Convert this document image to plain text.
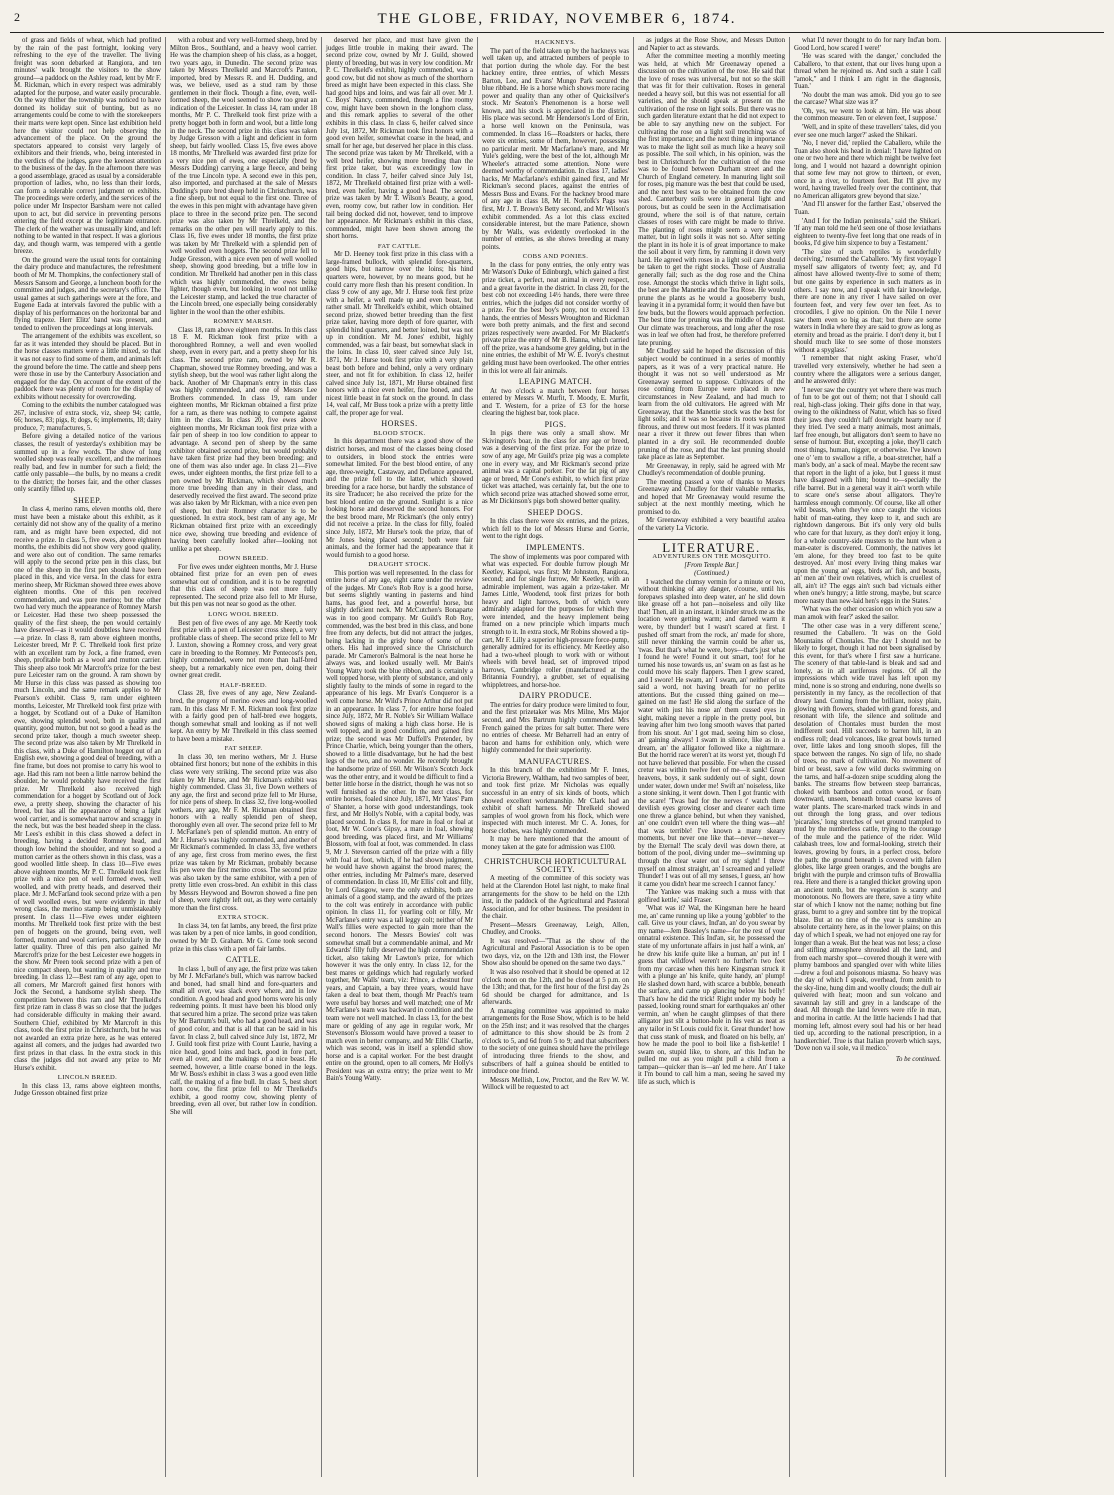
2	THE GLOBE, FRIDAY, NOVEMBER 6, 1874.

of grass and fields of wheat, which had profited by the rain of the past fortnight, looking very refreshing to the eye of the traveller. The living freight was soon debarked at Rangiora, and ten minutes' walk brought the visitors to the show ground—a paddock on the Ashley road, lent by Mr F. M. Rickman, which in every respect was admirably adapted for the purpose, and water easily procurable. On the way thither the township was noticed to have donned its holiday suit of bunting, but as no arrangements could be come to with the storekeepers their marts were kept open. Since last exhibition held here the visitor could not help observing the advancement of the place. On the ground the spectators appeared to consist very largely of exhibitors and their friends, who, being interested in the verdicts of the judges, gave the keenest attention to the business of the day. In the afternoon there was a good assemblage, graced as usual by a considerable proportion of ladies, who, no less than their lords, can form a tolerable correct judgment on exhibits. The proceedings were orderly, and the services of the police under Mr Inspector Barsham were not called upon to act, but did service in preventing persons entering the field except at the legitimate entrance. The clerk of the weather was unusually kind, and left nothing to be wanted in that respect. It was a glorious day, and though warm, was tempered with a gentle breeze.

On the ground were the usual tents for containing the dairy produce and manufactures, the refreshment booth of Mr M. Thompkins, the confectionery stall of Messrs Sansom and George, a luncheon booth for the committee and judges, and the secretary's office. The usual games at such gatherings were at the fore, and Eugene Eada at intervals favored the public with a display of his performances on the horizontal bar and flying trapeze. Herr Elitz' band was present, and tended to enliven the proceedings at long intervals.

The arrangement of the exhibits was excellent, so far as it was intended they should be placed. But in the horse classes matters were a little mixed, so that it was not easy to find some of them, and animals left the ground before the time. The cattle and sheep pens were those in use by the Canterbury Association and engaged for the day. On account of the extent of the paddock there was plenty of room for the display of exhibits without necessity for overcrowding.

Coming to the exhibits the number catalogued was 267, inclusive of extra stock, viz, sheep 94; cattle, 66; horses, 83; pigs, 8; dogs, 6; implements, 18; dairy produce, 7; manufactures, 5.

Before giving a detailed notice of the various classes, the result of yesterday's exhibition may be summed up in a few words. The show of long woolled sheep was really excellent, and the merinoes really bad, and few in number for such a field; the cattle only passable—the bulls, by no means a credit to the district; the horses fair, and the other classes only scantily filled up.

SHEEP.

In class 4, merino rams, eleven months old, there must have been a mistake about this exhibit, as it certainly did not show any of the quality of a merino ram, and as might have been expected, did not receive a prize. In class 5, five ewes, above eighteen months, the exhibits did not show very good quality, and were also out of condition. The same remarks will apply to the second prize pen in this class, but one of the sheep in the first pen should have been placed in this, and vice versa. In the class for extra merino sheep, Mr Rickman showed three ewes above eighteen months. One of this pen received commendation, and was pure merino; but the other two had very much the appearance of Romney Marsh or Leicester. Had these two sheep possessed the quality of the first sheep, the pen would certainly have deserved—as it would doubtless have received—a prize. In class 8, ram above eighteen months, Leicester breed, Mr P. C. Threlkeld took first prize with an excellent ram by Jock, a fine framed, even sheep, profitable both as a wool and mutton carrier. This sheep also took Mr Marcroft's prize for the best pure Leicester ram on the ground. A ram shown by Mr Hurse in this class was passed as showing too much Lincoln, and the same remark applies to Mr Pearson's exhibit. Class 9, ram under eighteen months, Leicester, Mr Threlkeld took first prize with a hogget, by Scotland out of a Duke of Hamilton ewe, showing splendid wool, both in quality and quantity, good mutton, but not so good a head as the second prize taker, though a much sweeter sheep. The second prize was also taken by Mr Threlkeld in this class, with a Duke of Hamilton hogget out of an English ewe, showing a good deal of breeding, with a fine frame, but does not promise to carry his wool to age. Had this ram not been a little narrow behind the shoulder, he would probably have received the first prize. Mr Threlkeld also received high commendation for a hogget by Scotland out of Jock ewe, a pretty sheep, showing the character of his breed, but has all the appearance of being a light wool carrier, and is somewhat narrow and scraggy in the neck, but was the best headed sheep in the class. Mr Lees's exhibit in this class showed a defect in breeding, having a decided Romney head, and though low behind the shoulder, and not so good a mutton carrier as the others shown in this class, was a good woolled little sheep. In class 10—Five ewes above eighteen months, Mr P. C. Threlkeld took first prize with a nice pen of well formed ewes, well woolled, and with pretty heads, and deserved their place. Mr J. McFarland took second prize with a pen of well woolled ewes, but were evidently in their wrong class, the merino stamp being unmistakeably present. In class 11—Five ewes under eighteen months. Mr Threlkeld took first prize with the best pen of hoggets on the ground, being even, well formed, mutton and wool carriers, particularly in the latter quality. Three of this pen also gained Mr Marcroft's prize for the best Leicester ewe hoggets in the show. Mr Preen took second prize with a pen of nice compact sheep, but wanting in quality and true breeding. In class 12—Best ram of any age, open to all comers, Mr Marcroft gained first honors with Jock the Second, a handsome stylish sheep. The competition between this ram and Mr Threlkeld's first prize ram in class 8 was so close that the judges had considerable difficulty in making their award. Southern Chief, exhibited by Mr Marcroft in this class, took the first prize in Christchurch, but he was not awarded an extra prize here, as he was entered against all comers, and the judges had awarded two first prizes in that class. In the extra stock in this class the judges did not award any prize to Mr Hurse's exhibit.

LINCOLN BREED.

In this class 13, rams above eighteen months, Judge Gresson obtained first prize

with a robust and very well-formed sheep, bred by Milton Bros., Southland, and a heavy wool carrier. He was the champion sheep of his class, as a hogget, two years ago, in Dunedin. The second prize was taken by Messrs Threlkeld and Marcroft's Panton, imported, bred by Messrs R. and H. Dudding, and was, we believe, used as a stud ram by those gentlemen in their flock. Though a fine, even, well-formed sheep, the wool seemed to show too great an indication of the Leicester. In class 14, ram under 18 months, Mr P. C. Threlkeld took first prize with a pretty hogget both in form and wool, but a little long in the neck. The second prize in this class was taken by Judge Gresson with a light and deficient in form sheep, but fairly woolled. Class 15, five ewes above 18 months, Mr Threlkeld was awarded first prize for a very nice pen of ewes, one especially (bred by Messrs Dudding) carrying a large fleece, and being of the true Lincoln type. A second ewe in this pen, also imported, and purchased at the sale of Messrs Dudding's pure bred sheep held in Christchurch, was a fine sheep, but not equal to the first one. Three of the ewes in this pen might with advantage have given place to three in the second prize pen. The second prize was also taken by Mr Threlkeld, and the remarks on the other pen will nearly apply to this. Class 16, five ewes under 18 months, the first prize was taken by Mr Threlkeld with a splendid pen of well woolled even hoggets. The second prize fell to Judge Gresson, with a nice even pen of well woolled sheep, showing good breeding, but a trifle low in condition. Mr Threlkeld had another pen in this class which was highly commended, the ewes being lighter, though even, but looking in wool not unlike the Leicester stamp, and lacked the true character of the Lincoln breed, one especially being considerably lighter in the wool than the other exhibits.

ROMNEY MARSH.

Class 18, ram above eighteen months. In this class 18 F. M. Rickman took first prize with a thoroughbred Romney, a well and even woolled sheep, even in every part, and a pretty sheep for his class. The second prize ram, owned by Mr R. Chapman, showed true Romney breeding, and was a stylish sheep, but the wool was rather light along the back. Another of Mr Chapman's entry in this class was highly commended, and one of Messrs Lee Brothers commended. In class 19, ram under eighteen months, Mr Rickman obtained a first prize for a ram, as there was nothing to compete against him in the class. In class 20, five ewes above eighteen months, Mr Rickman took first prize with a fair pen of sheep in too low condition to appear to advantage. A second pen of sheep by the same exhibitor obtained second prize, but would probably have taken first prize had they been breeding; and one of them was also under age. In class 21—Five ewes, under eighteen months, the first prize fell to a pen owned by Mr Rickman, which showed much more true breeding than any in their class, and deservedly received the first award. The second prize was also taken by Mr Rickman, with a nice even pen of sheep, but their Romney character is to be questioned. In extra stock, best ram of any age, Mr Rickman obtained first prize with an exceedingly nice ewe, showing true breeding and evidence of having been carefully looked after—looking not unlike a pet sheep.

DOWN BREED.

For five ewes under eighteen months, Mr J. Hurse obtained first prize for an even pen of ewes somewhat out of condition, and it is to be regretted that this class of sheep was not more fully represented. The second prize also fell to Mr Hurse, but this pen was not near so good as the other.

LONG WOOL BREED.

Best pen of five ewes of any age. Mr Keetly took first prize with a pen of Leicester cross sheep, a very profitable class of sheep. The second prize fell to Mr J. Luxton, showing a Romney cross, and very great care in breeding to the Romney. Mr Pentecost's pen, highly commended, were not more than half-bred sheep, but a remarkably nice even pen, doing their owner great credit.

HALF-BREED.

Class 28, five ewes of any age, New Zealand-bred, the progeny of merino ewes and long-woolled ram. In this class Mr F. M. Rickman took first prize with a fairly good pen of half-bred ewe hoggets, though somewhat small and looking as if not well kept. An entry by Mr Threlkeld in this class seemed to have been a mistake.

FAT SHEEP.

In class 30, ten merino wethers, Mr J. Hurse obtained first honors; but none of the exhibits in this class were very striking. The second prize was also taken by Mr Hurse, and Mr Rickman's exhibit was highly commended. Class 31, five Down wethers of any age, the first and second prize fell to Mr Hurse, for nice pens of sheep. In class 32, five long-woolled wethers, any age, Mr F. M. Rickman obtained first honors with a really splendid pen of sheep, thoroughly even all over. The second prize fell to Mr J. McFarlane's pen of splendid mutton. An entry of Mr J. Hurse's was highly commended, and another of Mr Rickman's commended. In class 33, five wethers of any age, first cross from merino ewes, the first prize was taken by Mr Rickman, probably because his pen were the first merino cross. The second prize was also taken by the same exhibitor, with a pen of pretty little even cross-bred. An exhibit in this class by Messrs Heywood and Bowron showed a fine pen of sheep, were rightly left out, as they were certainly more than the first cross.

EXTRA STOCK.

In class 34, ten fat lambs, any breed, the first prize was taken by a pen of nice lambs, in good condition, owned by Mr D. Graham. Mr G. Cone took second prize in this class with a pen of fair lambs.

CATTLE.

In class 1, bull of any age, the first prize was taken by Mr J. McFarlane's bull, which was narrow backed and boned, had small hind and fore-quarters and small all over, was slack every where, and in low condition. A good head and good horns were his only redeeming points. It must have been his blood only that secured him a prize. The second prize was taken by Mr Bartrum's bull, who had a good head, and was of good color, and that is all that can be said in his favor. In class 2, bull calved since July 1st, 1872, Mr J. Guild took first prize with Count Laurie, having a nice head, good loins and back, good in fore part, even all over, and the makings of a nice beast. He seemed, however, a little coarse boned in the legs. Mr W. Boss's exhibit in class 3 was a good even little calf, the making of a fine bull. In class 5, best short horn cow, the first prize fell to Mr Threlkeld's exhibit, a good roomy cow, showing plenty of breeding, even all over, but rather low in condition. She will

deserved her place, and must have given the judges little trouble in making their award. The second prize cow, owned by Mr J. Guild, showed plenty of breeding, but was in very low condition. Mr P. C. Threlkeld's exhibit, highly commended, was a good cow, but did not show as much of the shorthorn breed as might have been expected in this class. She had good hips and loins, and was fair all over. Mr J. C. Boys' Nancy, commended, though a fine roomy cow, might have been shown in the longhorn class, and this remark applies to several of the other exhibits in this class. In class 6, heifer calved since July 1st, 1872, Mr Rickman took first honors with a good even heifer, somewhat coarse in the head, and small for her age, but deserved her place in this class. The second prize was taken by Mr Threlkeld, with a well bred heifer, showing more breeding than the first prize taker, but was exceedingly low in condition. In class 7, heifer calved since July 1st, 1872, Mr Threlkeld obtained first prize with a well-bred, even heifer, having a good head. The second prize was taken by Mr T. Wilson's Beauty, a good, even, roomy cow, but rather low in condition. Her tail being docked did not, however, tend to improve her appearance. Mr Rickman's exhibit in this class, commended, might have been shown among the short horns.

FAT CATTLE.

Mr D. Heeney took first prize in this class with a large-framed bullock, with splendid fore-quarters, good hips, but narrow over the loins; his hind quarters were, however, by no means good, but he could carry more flesh than his present condition. In class 9 cow of any age, Mr J. Hurse took first prize with a heifer, a well made up and even beast, but rather small. Mr Threlkeld's exhibit, which obtained second prize, showed better breeding than the first prize taker, having more depth of fore quarter, with splendid hind quarters, and better loined, but was not up in condition. Mr M. Jones' exhibit, highly commended, was a fair beast, but somewhat slack in the loins. In class 10, steer calved since July 1st, 1871, Mr J. Hurse took first prize with a very plain beast both before and behind, only a very ordinary steer, and not fit for exhibition. In class 12, heifer calved since July 1st, 1871, Mr Hurse obtained first honors with a nice even heifer, fine boned, and the nicest little beast in fat stock on the ground. In class 14, veal calf, Mr Buss took a prize with a pretty little calf, the proper age for veal.

HORSES.
BLOOD STOCK.

In this department there was a good show of the district horses, and most of the classes being closed to outsiders, in blood stock the entries were somewhat limited. For the best blood entire, of any age, three-weight, Castaway, and Defiance appeared, and the prize fell to the latter, which showed breeding for a race horse, but hardly the substance of its sire Traducer; he also received the prize for the best blood entire on the ground. Sunlight is a nice looking horse and deserved the second honors. For the best brood mare, Mr Rickman's (the only entry) did not receive a prize. In the class for filly, foaled since July, 1872, Mr Hurse's took the prize, that of Mr Jones being placed second; both were fair animals, and the former had the appearance that it would furnish to a good horse.

DRAUGHT STOCK.

This portion was well represented. In the class for entire horse of any age, eight came under the review of the judges. Mr Cone's Rob Roy is a good horse, but seems slightly wanting in pasterns and hind hams, has good feet, and a powerful horse, but slightly deficient neck. Mr McCutchen's Bonaparte was in too good company. Mr Guild's Rob Roy, commended, was the best bred in this class, and bone free from any defects, but did not attract the judges, being lacking in the grisly bone of some of the others. His had improved since the Christchurch parade. Mr Cameron's Balmoral is the neat horse he always was, and looked usually well. Mr Bain's Young Watty took the blue ribbon, and is certainly a well topped horse, with plenty of substance, and only slightly faulty to the minds of some in regard to the appearance of his legs. Mr Evan's Conqueror is a well come horse. Mr Wild's Prince Arthur did not put in an appearance. In class 7, for entire horse foaled since July, 1872, Mr R. Noble's Sir William Wallace showed signs of making a high class horse. He is well topped, and in good condition, and gained first prize; the second was Mr Duffell's Pretender, by Prince Charlie, which, being younger than the others, showed to a little disadvantage, but he had the best legs of the two, and no wonder. He recently brought the handsome prize of £60. Mr Wilson's Scotch Jock was the other entry, and it would be difficult to find a better little horse in the district, though he was not so well furnished as the other. In the next class, for entire horses, foaled since July, 1871, Mr Yates' Pam o' Shanter, a horse with good understandings, took first, and Mr Holly's Noble, with a capital body, was placed second. In class 8, for mare in foal or foal at foot, Mr W. Cone's Gipsy, a mare in foal, showing good breeding, was placed first, and Mr Williams' Blossom, with foal at foot, was commended. In class 9, Mr J. Stevenson carried off the prize with a filly with foal at foot, which, if he had shown judgment, he would have shown against the brood mares; the other entries, including Mr Palmer's mare, deserved of commendation. In class 10, Mr Ellis' colt and filly, by Lord Glasgow, were the only exhibits, both are animals of a good stamp, and the award of the prizes to the colt was entirely in accordance with public opinion. In class 11, for yearling colt or filly, Mr McFarlane's entry was a tall leggy colt; neither of Mr Wall's fillies were expected to gain more than the second honors. The Messrs Bowies' colt was somewhat small but a commendable animal, and Mr Edwards' filly fully deserved the high commendation ticket, also taking Mr Lawton's prize, for which however it was the only entry. In class 12, for the best mares or geldings which had regularly worked together, Mr Walls' team, viz: Prince, a chestnut four years, and Captain, a bay three years, would have taken a deal to beat them, though Mr Peach's team were useful bay horses and well matched; one of Mr McFarlane's team was backward in condition and the team were not well matched. In class 13, for the best mare or gelding of any age in regular work, Mr Stevenson's Blossom would have proved a teaser to match even in better company, and Mr Ellis' Charlie, which was second, was in itself a splendid show horse and is a capital worker. For the best draught entire on the ground, open to all comers, Mr Holly's President was an extra entry; the prize went to Mr Bain's Young Watty.

HACKNEYS.

The part of the field taken up by the hackneys was well taken up, and attracted numbers of people to that portion during the whole day. For the best hackney entire, three entries, of which Messrs Barton, Lee, and Evans' Mungo Park secured the blue ribband. He is a horse which shows more racing power and quality than any other of Quicksilver's stock. Mr Seaton's Phenomenon is a horse well known, and his stock is appreciated in the district. His place was second. Mr Henderson's Lord of Erin, a horse well known on the Peninsula, was commended. In class 16—Roadsters or hacks, there were six entries, some of them, however, possessing no particular merit. Mr Macfarlane's mare, and Mr Yule's gelding, were the best of the lot, although Mr Wheeler's attracted some attention. None were deemed worthy of commendation. In class 17, ladies' hacks, Mr Macfarlane's exhibit gained first, and Mr Rickman's second places, against the entries of Messrs Buss and Evans. For the hackney brood mare of any age in class 18, Mr H. Norfolk's Pags was first, Mr J. T. Brown's Betty second, and Mr Wilson's exhibit commended. As a lot this class excited considerable interest, but the mare Patience, shown by Mr Walls, was evidently overlooked in the number of entries, as she shows breeding at many points.

COBS AND PONIES.

In the class for pony entries, the only entry was Mr Watson's Duke of Edinburgh, which gained a first prize ticket, a perfect, neat animal in every respect, and a great favorite in the district. In class 20, for the best cob not exceeding 14½ hands, there were three entries, which the judges did not consider worthy of a prize. For the best boy's pony, not to exceed 13 hands, the entries of Messrs Wroughton and Rickman were both pretty animals, and the first and second prizes respectively were awarded. For Mr Blackett's private prize the entry of Mr B. Hanna, which carried off the prize, was a handsome grey gelding, but in the nine entries, the exhibit of Mr W. E. Ivory's chestnut gelding must have been overlooked. The other entries in this lot were all fair animals.

LEAPING MATCH.

At two o'clock a match between four horses entered by Messrs W. Murfit, T. Moody, E. Murfit, and T. Western, for a prize of £3 for the horse clearing the highest bar, took place.

PIGS.

In pigs there was only a small show. Mr Skivington's boar, in the class for any age or breed, was a deserving of the first prize. For the prize to sow of any age, Mr Guild's prize pig was a complete one in every way, and Mr Rickman's second prize animal was a capital porker. For the fat pig of any age or breed, Mr Cone's exhibit, to which first prize ticket was attached, was certainly fat, but the one to which second prize was attached showed some error, as Mr Dickinson's pigs both showed better quality.

SHEEP DOGS.

In this class there were six entries, and the prizes, which fell to the lot of Messrs Hurse and Gorrie, went to the right dogs.

IMPLEMENTS.

The show of implements was poor compared with what was expected. For double furrow plough Mr Keetley, Kaiapoi, was first; Mr Johnston, Rangiora, second; and for single furrow, Mr Keetley, with an admirable implement, was again a prize-taker. Mr James Little, Woodend, took first prizes for both heavy and light harrows, both of which were admirably adapted for the purposes for which they were intended, and the heavy implement being framed on a new principle which imparts much strength to it. In extra stock, Mr Robins showed a tip-cart, Mr F. Lilly a superior high-pressure force-pump, generally admired for its efficiency. Mr Keetley also had a two-wheel plough to work with or without wheels with bevel head, set of improved tripod harrows, Cambridge roller (manufactured at the Britannia Foundry), a grubber, set of equalising whippletrees, and horse-hoe.

DAIRY PRODUCE.

The entries for dairy produce were limited to four, and the first prizetaker was Mrs Milne, Mrs Major second, and Mrs Bartrum highly commended. Mrs French gained the prizes for salt butter. There were no entries of cheese. Mr Beharrell had an entry of bacon and hams for exhibition only, which were highly commended for their superiority.

MANUFACTURES.

In this branch of the exhibition Mr F. Innes, Victoria Brewery, Waltham, had two samples of beer, and took first prize. Mr Nicholas was equally successful in an entry of six kinds of boots, which showed excellent workmanship. Mr Clark had an exhibit of shaft harness. Mr Threlkeld showed samples of wool grown from his flock, which were inspected with much interest. Mr C. A. Jones, for horse clothes, was highly commended.

It may be here mentioned that the amount of money taken at the gate for admission was £100.

CHRISTCHURCH HORTICULTURAL SOCIETY.

A meeting of the committee of this society was held at the Clarendon Hotel last night, to make final arrangements for the show to be held on the 12th inst, in the paddock of the Agricultural and Pastoral Association, and for other business. The president in the chair.

Present—Messrs Greenaway, Leigh, Allen, Chudley, and Crooks.

It was resolved—"That as the show of the Agricultural and Pastoral Association is to be open two days, viz, on the 12th and 13th inst, the Flower Show also should be opened on the same two days."

It was also resolved that it should be opened at 12 o'clock noon on the 12th, and be closed at 5 p.m. on the 13th; and that, for the first hour of the first day 2s 6d should be charged for admittance, and 1s afterwards.

A managing committee was appointed to make arrangements for the Rose Show, which is to be held on the 25th inst; and it was resolved that the charges of admittance to this show should be 2s from 2 o'clock to 5, and 6d from 5 to 9; and that subscribers to the society of one guinea should have the privilege of introducing three friends to the show, and subscribers of half a guinea should be entitled to introduce one friend.

Messrs Mellish, Low, Proctor, and the Rev W. W. Willock will be requested to act

as judges at the Rose Show, and Messrs Dutton and Napier to act as stewards.

After the committee meeting a monthly meeting was held, at which Mr Greenaway opened a discussion on the cultivation of the rose. He said that the love of roses was universal, but not so the skill that was fit for their cultivation. Roses in general needed a heavy soil, but this was not essential for all varieties, and he should speak at present on the cultivation of the rose on light soils. But there was no such garden literature extant that he did not expect to be able to say anything new on the subject. For cultivating the rose on a light soil trenching was of the first importance; and the next thing in importance was to make the light soil as much like a heavy soil as possible. The soil which, in his opinion, was the best in Christchurch for the cultivation of the rose was to be found between Durham street and the Church of England cemetery. In manuring light soil for roses, pig manure was the best that could be used, and the next best was to be obtained from the cow shed. Canterbury soils were in general light and porous, but as could be seen in the Acclimatisation ground, where the soil is of that nature, certain classes of roses with care might be made to thrive. The planting of roses might seem a very simple matter, but in light soils it was not so. After setting the plant in its hole it is of great importance to make the soil about it very firm, by ramming it down very hard. He agreed with roses in a light soil care should be taken to get the right stocks. Those of Australia generally fail; such as the dog rose and the China rose. Amongst the stocks which thrive in light soils, the best are the Manettie and the Tea Rose. He would prune the plants as he would a gooseberry bush, leaving it in a pyramidal form; it would then have but few buds, but the flowers would approach perfection. The best time for pruning was the middle of August. Our climate was treacherous, and long after the rose was in leaf we often had frost, he therefore preferred late pruning.

Mr Chudley said he hoped the discussion of this subject would be continued in a series of monthly papers, as it was of a very practical nature. He thought it was not so well understood as Mr Greenaway seemed to suppose. Cultivators of the rose coming from Europe were placed in new circumstances in New Zealand, and had much to learn from the old cultivators. He agreed with Mr Greenaway, that the Manettie stock was the best for light soils; and it was so because its roots was most fibrous, and threw out most feeders. If it was planted near a river it threw out fewer fibres than when planted in a dry soil. He recommended double pruning of the rose, and that the last pruning should take place as late as September.

Mr Greenaway, in reply, said he agreed with Mr Chudley's recommendation of double pruning.

The meeting passed a vote of thanks to Messrs Greenaway and Chudley for their valuable remarks, and hoped that Mr Greenaway would resume the subject at the next monthly meeting, which he promised to do.

Mr Greenaway exhibited a very beautiful azalea of the variety La Victorie.

LITERATURE.
ADVENTURES ON THE MOSQUITO.
[From Temple Bar.]
(Continued.)

I watched the clumsy vermin for a minute or two, without thinking of any danger, o'course, until his forepaws splashed into deep water, an' he slid down like grease off a hot pan—noiseless and oily like that! Then, all in an instant, it kinder struck me as the location were getting warm; and darned warm it were, by thunder! but I wasn't scared at first. I pushed off smart from the rock, an' made for shore, still never thinking the varmin could be after us, 'twas. But that's what he were, boys—that's just what I found he were! Found it out smart, too! for he turned his nose towards us, an' swam on as fast as he could move his scaly flappers. Then I grew scared, and I swore! He swam, an' I swam, an' neither of us said a word, not having breath for no perlite attentions. But the cussed thing gained on me—gained on me fast! He slid along the surface of the water with just his nose an' them cussed eyes in sight, making never a ripple in the pretty pool, but leaving after him two long smooth waves that parted from his snout. An' I got mad, seeing him so close, an' gaining always! I swam in silence, like as in a dream, an' the alligator followed like a nightmare. But the horrid race weren't at its worst yet, though I'd not have believed that possible. For when the cussed cretur was within twelve feet of me—it sank! Great heavens, boys, it sank suddenly out of sight, down under water, down under me! Swift an' noiseless, like a stone sinking, it went down. Then I got frantic with the scare! 'Twas bad for the nerves t' watch them devilish eyes growing closer and clearer each time one threw a glance behind, but when they vanished, an' one couldn't even tell where the thing was—ah! that was terrible! I've known a many skeary moments, but never one like that—never—never—by the Eternal! The scaly devil was down there, at bottom of the pool, diving under me—swimming up through the clear water out of my sight! I threw myself on almost straight, an' I screamed and yelled! Thunder! I was out of all my senses, I guess, an' how it came you didn't hear me screech I cannot fancy.'

'The Yankee was making such a muss with that golfired kettle,' said Fraser.

'What was it? Wal, the Kingsman here he heard me, an' came running up like a young 'gobbler' to the call. Give us your claws, Ind'an, an' do you swear by my name—Jem Beasley's name—for the rest of your onnatral existence. This Ind'an, sir, he possessed the state of my unfortunate affairs in just half a wink, an' he drew his knife quite like a human, an' put in! I guess that wildfowl weren't no further'n two feet from my carcase when this here Kingsman struck it with a plunge an' his knife, quite handy, an' plump! He slashed down hard, with scarce a bubble, beneath the surface, and came up glancing below his belly! That's how he did the trick! Right under my body he passed, looking round smart for earthquakes an' other vermin, an' when he caught glimpses of that there alligator just slit a button-hole in his vest as neat as any tailor in St Louis could fix it. Great thunder! how that cuss stank of musk, and floated on his belly, an' how he made the pool to boil like a fish-kettle! I swam on, stupid like, to shore, an' this Ind'an he pulled me out as you might pull a child from a tampan—quicker than is—an' led me here. An' I take it I'm bound to call him a man, seeing he saved my life as such, which is

what I'd never thought to do for nary Ind'an born. Good Lord, how scared I were!'

'He was scared with the danger,' concluded the Caballero, 'to that extent, that our lives hung upon a thread when he rejoined us. And such a state I call "amok," and I think I am right in the diagnosis, Tuan.'

'No doubt the man was amok. Did you go to see the carcase? What size was it?'

'Oh, yes, we went to look at him. He was about the common measure. Ten or eleven feet, I suppose.'

'Well, and in spite of these travellers' tales, did you ever see one much larger?' asked the Shikari.

'No, I never did,' replied the Caballero, while the Tuan also shook his head in denial: 'I have lighted on one or two here and there which might be twelve feet long, and I would not hazard a downright opinion that some few may not grow to thirteen, or even, once in a river, to fourteen feet. But I'll give my word, having travelled freely over the continent, that no American alligators grew beyond that size.'

'And I'll answer for the farther East,' observed the Tuan.

'And I for the Indian peninsula,' said the Shikari. 'If any man told me he'd seen one of those leviathans eighteen to twenty-five feet long that one reads of in books, I'd give him sixpence to buy a Testament.'

'The size of such reptiles is wonderfully deceiving,' resumed the Caballero. 'My first voyage I myself saw alligators of twenty feet; ay, and I'd almost have allowed twenty-five to some of them; but one gains by experience in such matters as in others. I say now, and I speak with fair knowledge, there are none in any river I have sailed on over fourteen feet, and very few over ten feet. As to crocodiles, I give no opinion. On the Nile I never saw them even so big as that; but there are some waters in India where they are said to grow as long as eternity and broad as the prairie. I don't deny it, but I should much like to see some of those monsters without a spyglass.'

'I remember that night asking Fraser, who'd travelled very extensively, whether he had seen a country where the alligators were a serious danger, and he answered drily:

'I never saw the country yet where there was much of fun to be got out of them; not that I should call real, high-class joking. Their gifts done in that way, owing to the oikindness of Natur, which has so fixed their jaws they couldn't laff downright hearty nor if they tried. I've seed a many animals, most animals, larf free enough, but alligators don't seem to have no sense of humour. But, excepting a joke, they'll catch most things, human, nigger, or otherwise. I've known one o' 'em to swallow a rifle, a boat-stretcher, half a man's body, an' a sack of meal. Maybe the recent saw that report in the light of a joke, but I guess it must have disagreed with him; bound to—specially the rifle barrel. But in a general way it ain't worth while to scare one's sense about alligators. They're harmless enough commonly. Of course, like all other wild beasts, when they've once caught the vicious habit of man-eating, they keep to it, and such are rightdown dangerous. But it's only very old bulls who care for that luxury, as they don't enjoy it long, for a whole country-side musters to the hunt when a man-eater is discovered. Commonly, the natives let 'em alone, for they breed too fast to be quite destroyed. An' most every living thing makes war upon the young an' eggs, birds an' fish, and beasts, an' men an' their own relatives, which is cruellest of all, ain't it? The eggs ain't such bad victuals either when one's hungry; a little strong, maybe, but scarce more nasty than new-laid hen's eggs in the States.'

'What was the other occasion on which you saw a man amok with fear?' asked the sailor.

'The other case was in a very different scene,' resumed the Caballero. 'It was on the Gold Mountains of Chontales. The day I should not be likely to forget, though it had not been signalised by this event, for that's where I first saw a hurricane. The scenery of that table-land is bleak and sad and lonely, as in all auriferous regions. Of all the impressions which wide travel has left upon my mind, none is so strong and enduring, none dwells so persistently in my fancy, as the recollection of that dreary land. Coming from the brilliant, noisy plain, glowing with flowers, shaded with grand forests, and resonant with life, the silence and solitude and desolation of Chontales must burden the most indifferent soul. Hill succeeds to barren hill, in an endless roll; dead volcanoes, like great bowls turned over, little lakes and long smooth slopes, fill the space between the ranges. No sign of life, no shade of trees, no mark of cultivation. No movement of bird or beast, save a few wild ducks swimming on the tarns, and half-a-dozen snipe scudding along the banks. The streams flow between steep barrancas, choked with bamboos and cotton wood, or foam downward, unseen, beneath broad coarse leaves of water plants. The scare-marked track winds in and out through the long grass, and over tedious 'picarales,' long stretches of wet ground trampled to mud by the numberless cattle, trying to the courage of the mule and the patience of the rider. Wild calabash trees, low and formal-looking, stretch their leaves, growing by fours, in a perfect cross, before the path; the ground beneath is covered with fallen globes, like large green oranges, and the boughs are bright with the purple and crimson tufts of Browallia rea. Here and there is a tangled thicket growing upon an ancient tomb, but the vegetation is scanty and monotonous. No flowers are there, save a tiny white star of which I know not the name; nothing but fine grass, burnt to a grey and sombre tint by the tropical blaze. But at no time of the year is sunshine an absolute certainty here, as in the lower plains; on this day of which I speak, we had not enjoyed one ray for longer than a weak. But the heat was not less; a close and stifling atmosphere shrouded all the land, and from each marshy spot—covered though it were with plumy bamboos and spangled over with white lilies—drew a foul and poisonous miasma. So heavy was the day of which I speak, overhead, from zenith to the sky-line, hung dim and woolly clouds; the dull air quivered with heat; moon and sun volcano and savannah lay still and grey in a landscape of the dead. All through the land fevers were rife in man, and morina in cattle. At the little haciends I had that morning left, almost every soul had his or her head tied up, according to the national prescription, in a handkerchief. True is that Italian proverb which says, 'Dove non va il sole, va il medico.'

To be continued.
